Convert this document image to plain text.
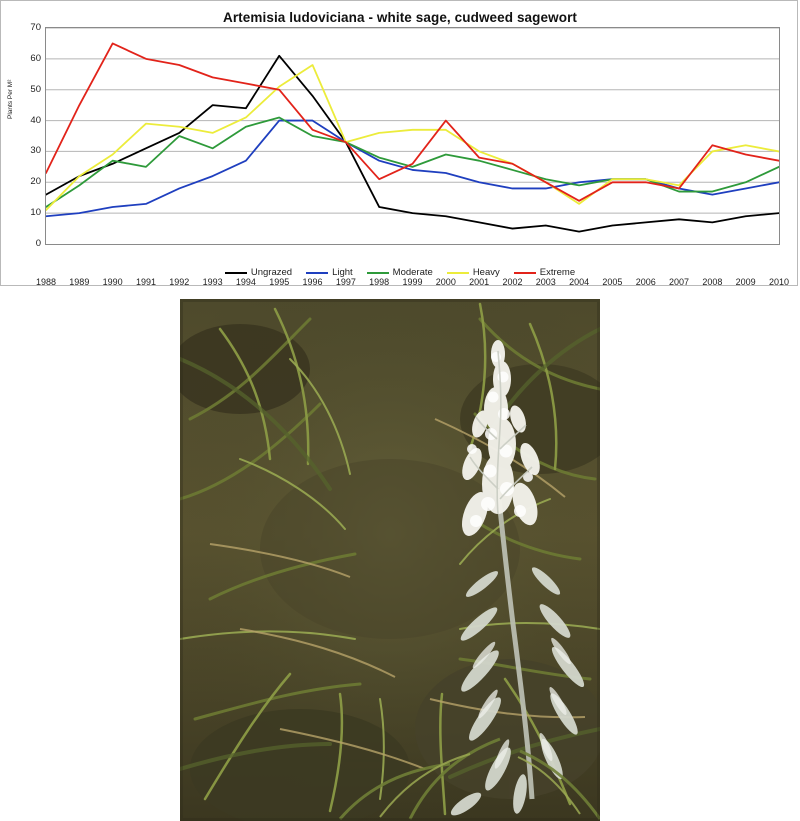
Artemisia ludoviciana - white sage, cudweed sagewort
Plants Per M²
0
10
20
30
40
50
60
70
1988	1989	1990	1991	1992	1993	1994	1995	1996	1997	1998	1999	2000	2001	2002	2003	2004	2005	2006	2007	2008	2009	2010
Ungrazed	Light	Moderate	Heavy	Extreme
